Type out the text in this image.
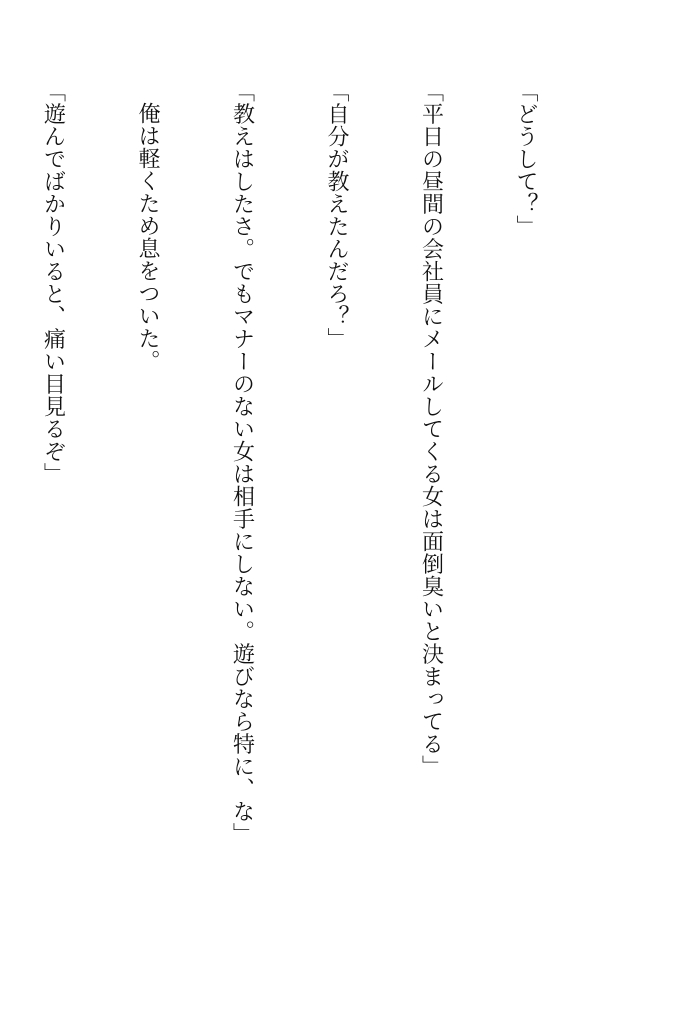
「どうして？」

「平日の昼間の会社員にメールしてくる女は面倒臭いと決まってる」

「自分が教えたんだろ？」

「教えはしたさ。でもマナーのない女は相手にしない。遊びなら特に、な」

俺は軽くため息をついた。

「遊んでばかりいると、痛い目見るぞ」
